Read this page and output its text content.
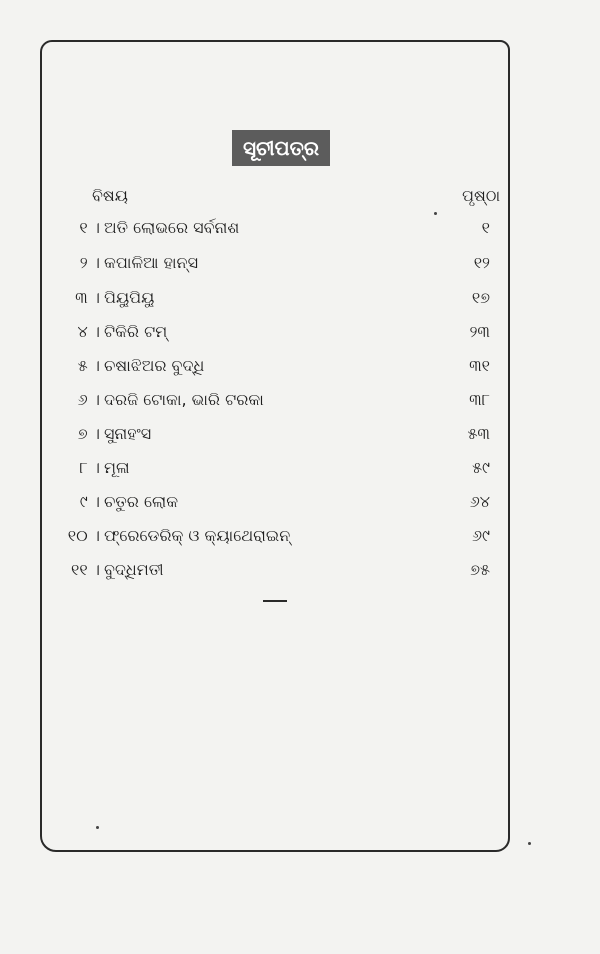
ସୂଚୀପତ୍ର
ବିଷୟ	ପୃଷ୍ଠା
୧ । ଅତି ଲୋଭରେ ସର୍ବନାଶ	୧
୨ । କପାଳିଆ ହାନ୍ସ	୧୨
୩ । ପିୟୁପିୟୁ	୧୭
୪ । ଟିକିରି ଟମ୍	୨୩
୫ । ଚଷାଝିଅର ବୁଦ୍ଧି	୩୧
୬ । ଦରଜି ଟୋକା, ଭାରି ଟରକା	୩୮
୭ । ସୁନାହଂସ	୫୩
୮ । ମୂଳା	୫୯
୯ । ଚତୁର ଲୋକ	୬୪
୧୦ । ଫ୍ରେଡେରିକ୍ ଓ କ୍ୟାଥେରାଇନ୍	୬୯
୧୧ । ବୁଦ୍ଧିମତୀ	୭୫
